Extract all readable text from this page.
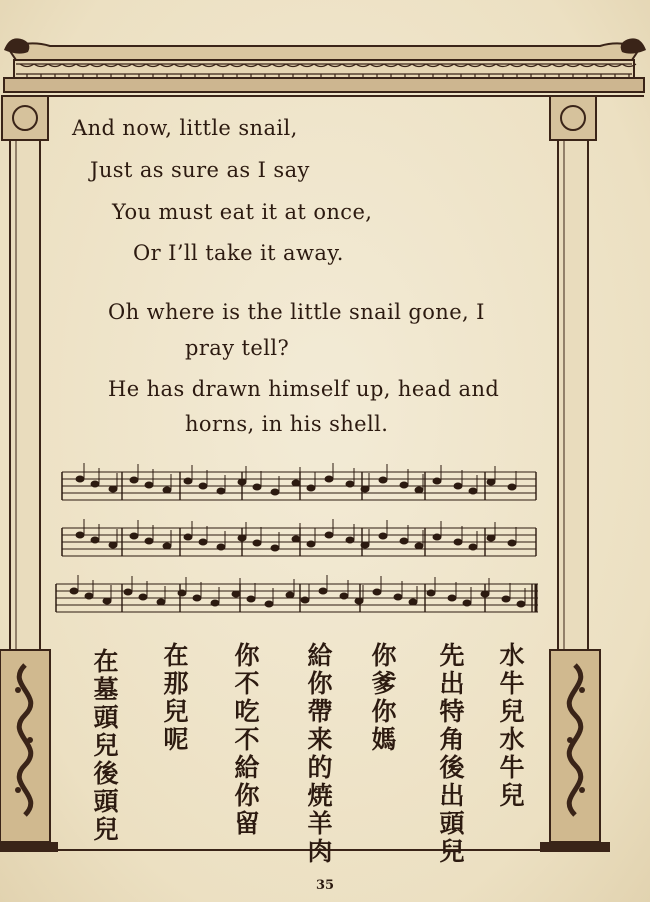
And now, little snail,
Just as sure as I say
You must eat it at once,
Or I’ll take it away.
Oh where is the little snail gone, I
pray tell?
He has drawn himself up, head and
horns, in his shell.
水牛兒水牛兒
先出特角後出頭兒
你爹你媽
給你帶来的焼羊肉
你不吃不給你留
在那兒呢
在墓頭兒後頭兒
35
